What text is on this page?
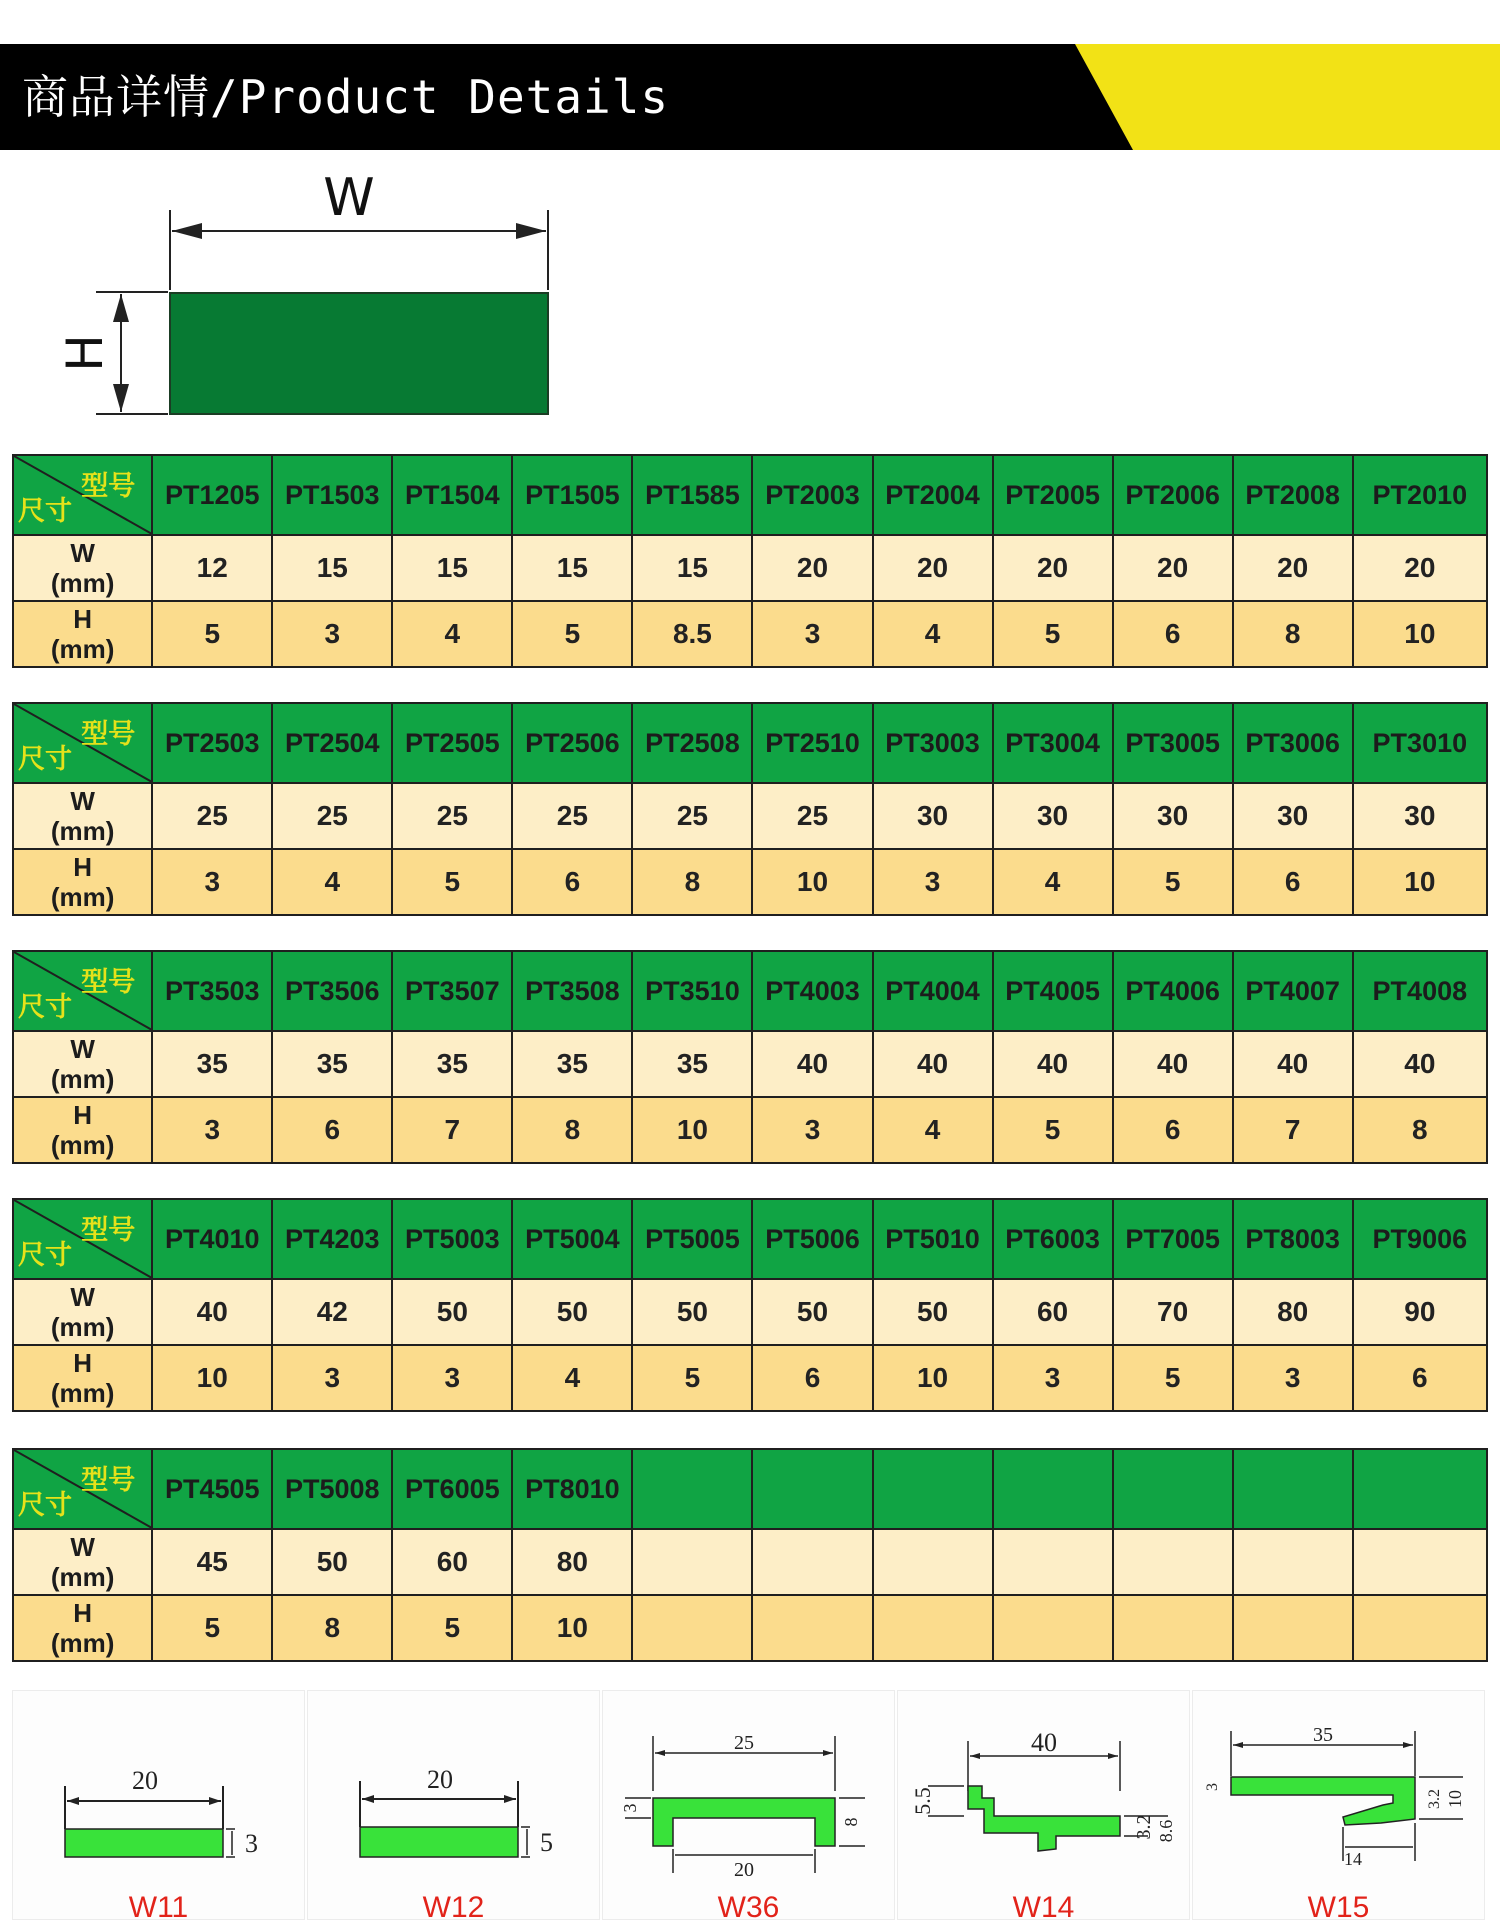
商品详情/Product Details
W
H
型号
尺寸	PT1205	PT1503	PT1504	PT1505	PT1585	PT2003	PT2004	PT2005	PT2006	PT2008	PT2010

W
(mm)	12	15	15	15	15	20	20	20	20	20	20

H
(mm)	5	3	4	5	8.5	3	4	5	6	8	10
型号
尺寸	PT2503	PT2504	PT2505	PT2506	PT2508	PT2510	PT3003	PT3004	PT3005	PT3006	PT3010

W
(mm)	25	25	25	25	25	25	30	30	30	30	30

H
(mm)	3	4	5	6	8	10	3	4	5	6	10
型号
尺寸	PT3503	PT3506	PT3507	PT3508	PT3510	PT4003	PT4004	PT4005	PT4006	PT4007	PT4008

W
(mm)	35	35	35	35	35	40	40	40	40	40	40

H
(mm)	3	6	7	8	10	3	4	5	6	7	8
型号
尺寸	PT4010	PT4203	PT5003	PT5004	PT5005	PT5006	PT5010	PT6003	PT7005	PT8003	PT9006

W
(mm)	40	42	50	50	50	50	50	60	70	80	90

H
(mm)	10	3	3	4	5	6	10	3	5	3	6
型号
尺寸	PT4505	PT5008	PT6005	PT8010							

W
(mm)	45	50	60	80							

H
(mm)	5	8	5	10							
20
3
W11
20
5
W12
25
3
8
20
W36
40
5.5
3.2 8.6
W14
35
3
3.2 10
14
W15
